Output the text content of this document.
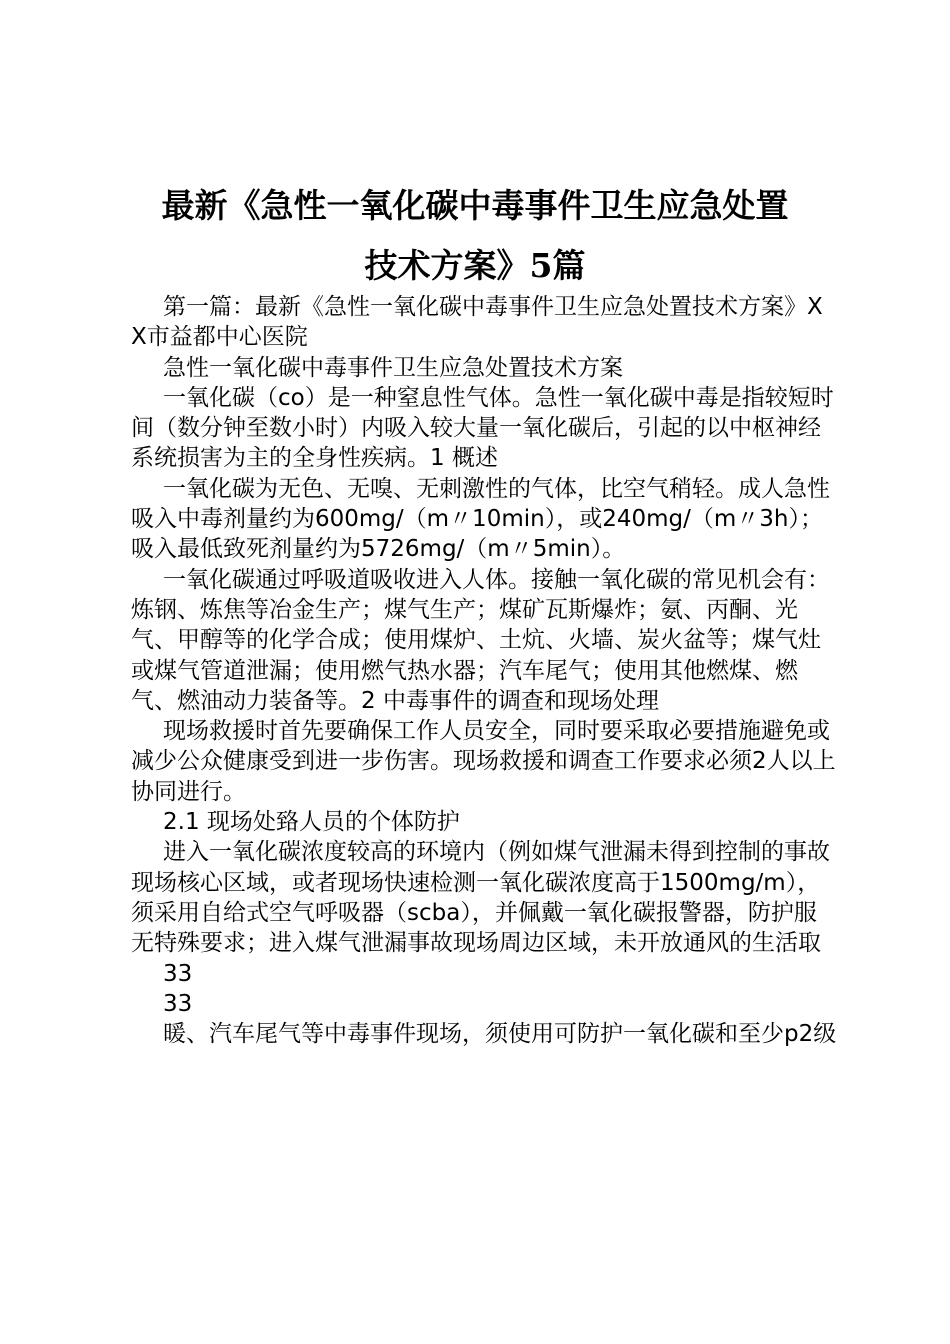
最新《急性一氧化碳中毒事件卫生应急处置
技术方案》5篇

第一篇：最新《急性一氧化碳中毒事件卫生应急处置技术方案》XX市益都中心医院

急性一氧化碳中毒事件卫生应急处置技术方案

一氧化碳（co）是一种窒息性气体。急性一氧化碳中毒是指较短时间（数分钟至数小时）内吸入较大量一氧化碳后，引起的以中枢神经系统损害为主的全身性疾病。1 概述

一氧化碳为无色、无嗅、无刺激性的气体，比空气稍轻。成人急性吸入中毒剂量约为600mg/（m〃10min），或240mg/（m〃3h）；吸入最低致死剂量约为5726mg/（m〃5min）。

一氧化碳通过呼吸道吸收进入人体。接触一氧化碳的常见机会有：炼钢、炼焦等冶金生产；煤气生产；煤矿瓦斯爆炸；氨、丙酮、光气、甲醇等的化学合成；使用煤炉、土炕、火墙、炭火盆等；煤气灶或煤气管道泄漏；使用燃气热水器；汽车尾气；使用其他燃煤、燃气、燃油动力装备等。2 中毒事件的调查和现场处理

现场救援时首先要确保工作人员安全，同时要采取必要措施避免或减少公众健康受到进一步伤害。现场救援和调查工作要求必须2人以上协同进行。

2.1 现场处臵人员的个体防护

进入一氧化碳浓度较高的环境内（例如煤气泄漏未得到控制的事故现场核心区域，或者现场快速检测一氧化碳浓度高于1500mg/m），须采用自给式空气呼吸器（scba），并佩戴一氧化碳报警器，防护服无特殊要求；进入煤气泄漏事故现场周边区域，未开放通风的生活取

33

33

暖、汽车尾气等中毒事件现场，须使用可防护一氧化碳和至少p2级
